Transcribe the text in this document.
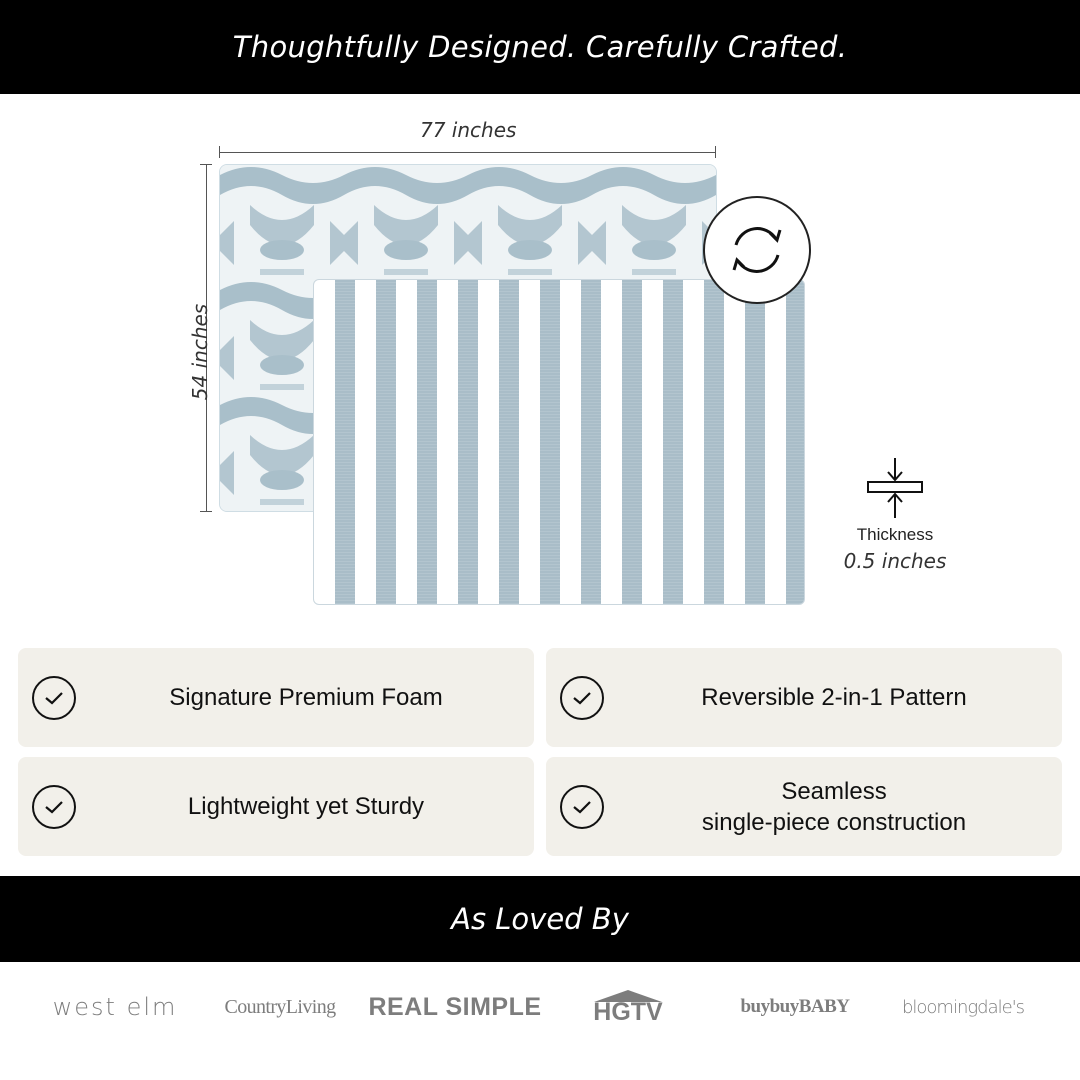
Thoughtfully Designed. Carefully Crafted.
77 inches
54 inches
Thickness
0.5 inches
Signature Premium Foam	Reversible 2-in-1 Pattern
Lightweight yet Sturdy
Seamless
single-piece construction
As Loved By
west elm	CountryLiving	REAL SIMPLE HGTV	buybuyBABY	bloomingdale's
